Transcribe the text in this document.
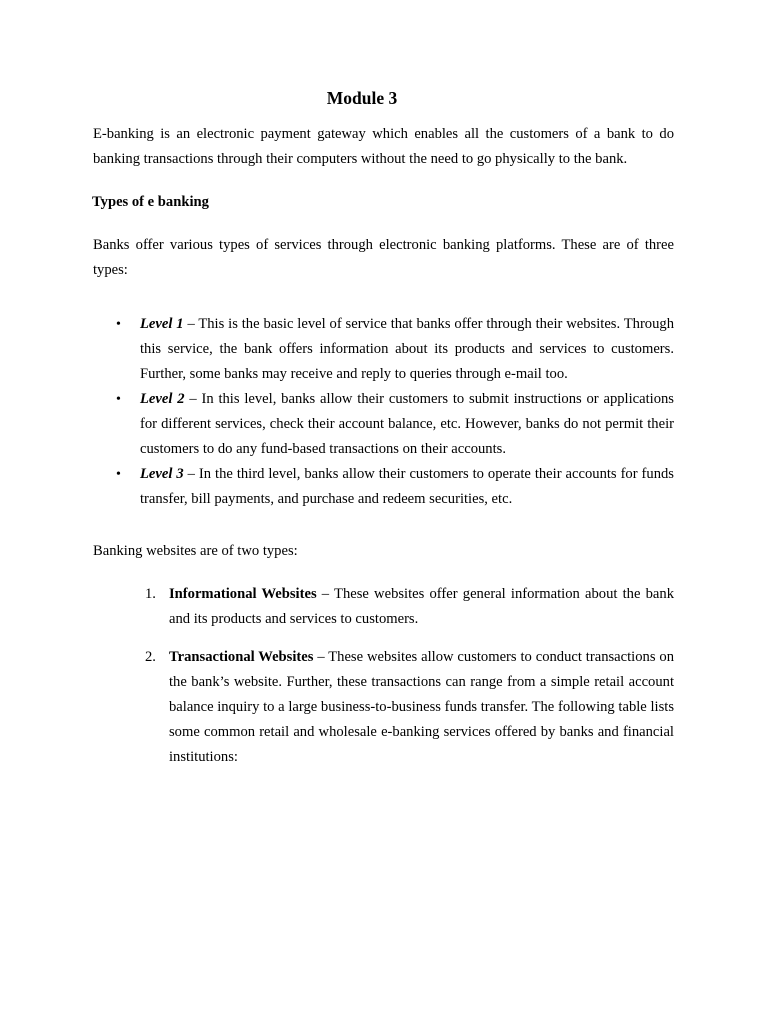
Module 3

E-banking is an electronic payment gateway which enables all the customers of a bank to do banking transactions through their computers without the need to go physically to the bank.

Types of e banking

Banks offer various types of services through electronic banking platforms. These are of three types:

• Level 1 – This is the basic level of service that banks offer through their websites. Through this service, the bank offers information about its products and services to customers. Further, some banks may receive and reply to queries through e-mail too.
• Level 2 – In this level, banks allow their customers to submit instructions or applications for different services, check their account balance, etc. However, banks do not permit their customers to do any fund-based transactions on their accounts.
• Level 3 – In the third level, banks allow their customers to operate their accounts for funds transfer, bill payments, and purchase and redeem securities, etc.

Banking websites are of two types:

1. Informational Websites – These websites offer general information about the bank and its products and services to customers.
2. Transactional Websites – These websites allow customers to conduct transactions on the bank’s website. Further, these transactions can range from a simple retail account balance inquiry to a large business-to-business funds transfer. The following table lists some common retail and wholesale e-banking services offered by banks and financial institutions:
